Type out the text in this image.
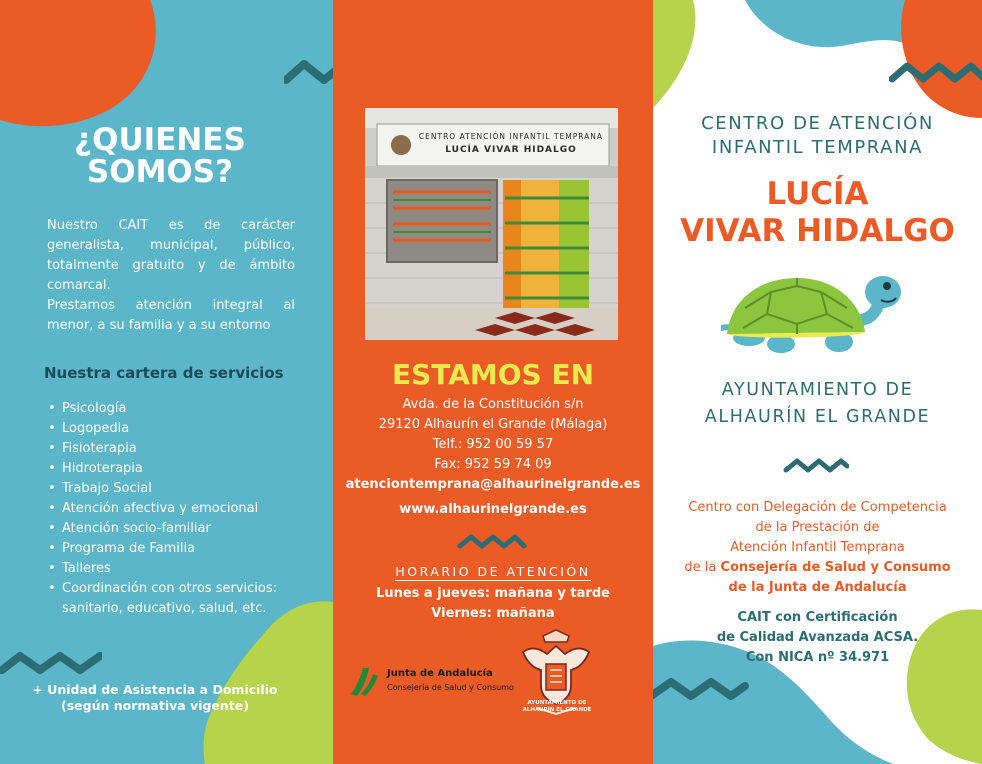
¿QUIENES
SOMOS?

Nuestro CAIT es de carácter generalista, municipal, público, totalmente gratuito y de ámbito comarcal.

Prestamos atención integral al menor, a su familia y a su entorno

Nuestra cartera de servicios
• Psicología
• Logopedia
• Fisioterapia
• Hidroterapia
• Trabajo Social
• Atención afectiva y emocional
• Atención socio-familiar
• Programa de Familia
• Talleres
• Coordinación con otros servicios: sanitario, educativo, salud, etc.
+ Unidad de Asistencia a Domicilio
(según normativa vigente)
CENTRO ATENCIÓN INFANTIL TEMPRANA
LUCÍA VIVAR HIDALGO
ESTAMOS EN
Avda. de la Constitución s/n
29120 Alhaurín el Grande (Málaga)
Telf.: 952 00 59 57
Fax: 952 59 74 09
atenciontemprana@alhaurinelgrande.es
www.alhaurinelgrande.es
HORARIO DE ATENCIÓN
Lunes a jueves: mañana y tarde
Viernes: mañana
Junta de Andalucía
Consejería de Salud y Consumo
AYUNTAMIENTO DE
ALHAURÍN EL GRANDE
CENTRO DE ATENCIÓN
INFANTIL TEMPRANA
LUCÍA
VIVAR HIDALGO
AYUNTAMIENTO DE
ALHAURÍN EL GRANDE
Centro con Delegación de Competencia
de la Prestación de
Atención Infantil Temprana
de la Consejería de Salud y Consumo
de la Junta de Andalucía
CAIT con Certificación
de Calidad Avanzada ACSA.
Con NICA nº 34.971
